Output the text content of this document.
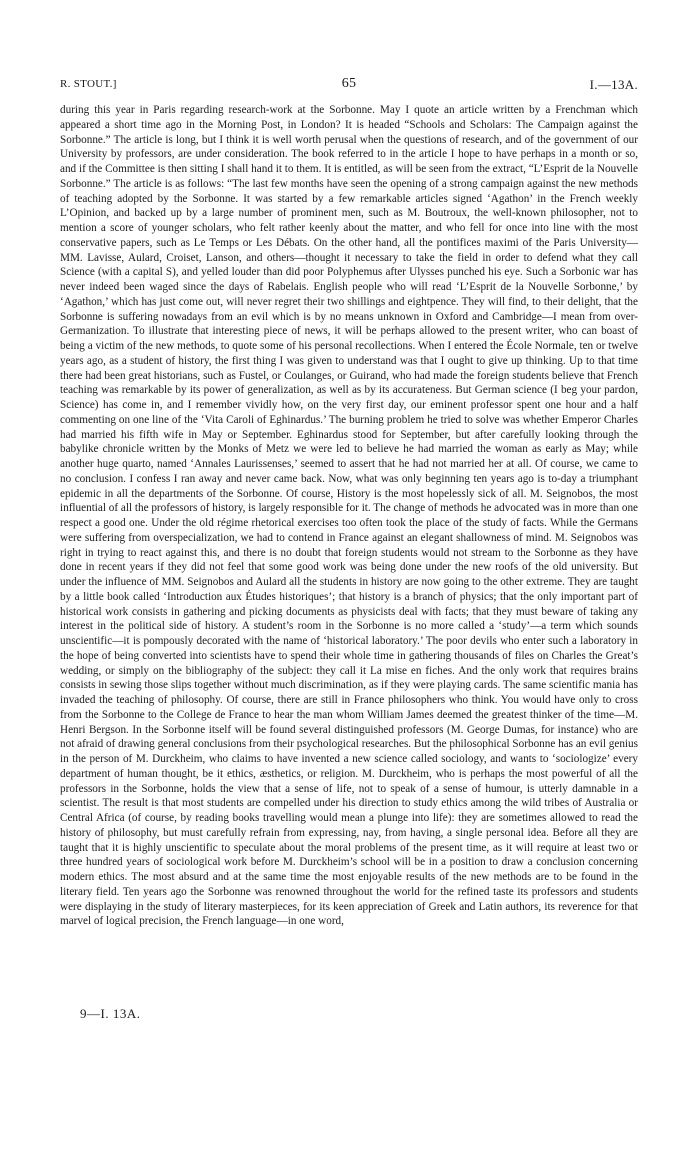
R. STOUT.]	65	I.—13A.

during this year in Paris regarding research-work at the Sorbonne. May I quote an article written by a Frenchman which appeared a short time ago in the Morning Post, in London? It is headed “Schools and Scholars: The Campaign against the Sorbonne.” The article is long, but I think it is well worth perusal when the questions of research, and of the government of our University by professors, are under consideration. The book referred to in the article I hope to have perhaps in a month or so, and if the Committee is then sitting I shall hand it to them. It is entitled, as will be seen from the extract, “L’Esprit de la Nouvelle Sorbonne.” The article is as follows: “The last few months have seen the opening of a strong campaign against the new methods of teaching adopted by the Sorbonne. It was started by a few remarkable articles signed ‘Agathon’ in the French weekly L’Opinion, and backed up by a large number of prominent men, such as M. Boutroux, the well-known philosopher, not to mention a score of younger scholars, who felt rather keenly about the matter, and who fell for once into line with the most conservative papers, such as Le Temps or Les Débats. On the other hand, all the pontifices maximi of the Paris University—MM. Lavisse, Aulard, Croiset, Lanson, and others—thought it necessary to take the field in order to defend what they call Science (with a capital S), and yelled louder than did poor Polyphemus after Ulysses punched his eye. Such a Sorbonic war has never indeed been waged since the days of Rabelais. English people who will read ‘L’Esprit de la Nouvelle Sorbonne,’ by ‘Agathon,’ which has just come out, will never regret their two shillings and eightpence. They will find, to their delight, that the Sorbonne is suffering nowadays from an evil which is by no means unknown in Oxford and Cambridge—I mean from over-Germanization. To illustrate that interesting piece of news, it will be perhaps allowed to the present writer, who can boast of being a victim of the new methods, to quote some of his personal recollections. When I entered the École Normale, ten or twelve years ago, as a student of history, the first thing I was given to understand was that I ought to give up thinking. Up to that time there had been great historians, such as Fustel, or Coulanges, or Guirand, who had made the foreign students believe that French teaching was remarkable by its power of generalization, as well as by its accurateness. But German science (I beg your pardon, Science) has come in, and I remember vividly how, on the very first day, our eminent professor spent one hour and a half commenting on one line of the ‘Vita Caroli of Eghinardus.’ The burning problem he tried to solve was whether Emperor Charles had married his fifth wife in May or September. Eghinardus stood for September, but after carefully looking through the babylike chronicle written by the Monks of Metz we were led to believe he had married the woman as early as May; while another huge quarto, named ‘Annales Laurissenses,’ seemed to assert that he had not married her at all. Of course, we came to no conclusion. I confess I ran away and never came back. Now, what was only beginning ten years ago is to-day a triumphant epidemic in all the departments of the Sorbonne. Of course, History is the most hopelessly sick of all. M. Seignobos, the most influential of all the professors of history, is largely responsible for it. The change of methods he advocated was in more than one respect a good one. Under the old régime rhetorical exercises too often took the place of the study of facts. While the Germans were suffering from overspecialization, we had to contend in France against an elegant shallowness of mind. M. Seignobos was right in trying to react against this, and there is no doubt that foreign students would not stream to the Sorbonne as they have done in recent years if they did not feel that some good work was being done under the new roofs of the old university. But under the influence of MM. Seignobos and Aulard all the students in history are now going to the other extreme. They are taught by a little book called ‘Introduction aux Études historiques’; that history is a branch of physics; that the only important part of historical work consists in gathering and picking documents as physicists deal with facts; that they must beware of taking any interest in the political side of history. A student’s room in the Sorbonne is no more called a ‘study’—a term which sounds unscientific—it is pompously decorated with the name of ‘historical laboratory.’ The poor devils who enter such a laboratory in the hope of being converted into scientists have to spend their whole time in gathering thousands of files on Charles the Great’s wedding, or simply on the bibliography of the subject: they call it La mise en fiches. And the only work that requires brains consists in sewing those slips together without much discrimination, as if they were playing cards. The same scientific mania has invaded the teaching of philosophy. Of course, there are still in France philosophers who think. You would have only to cross from the Sorbonne to the College de France to hear the man whom William James deemed the greatest thinker of the time—M. Henri Bergson. In the Sorbonne itself will be found several distinguished professors (M. George Dumas, for instance) who are not afraid of drawing general conclusions from their psychological researches. But the philosophical Sorbonne has an evil genius in the person of M. Durckheim, who claims to have invented a new science called sociology, and wants to ‘sociologize’ every department of human thought, be it ethics, æsthetics, or religion. M. Durckheim, who is perhaps the most powerful of all the professors in the Sorbonne, holds the view that a sense of life, not to speak of a sense of humour, is utterly damnable in a scientist. The result is that most students are compelled under his direction to study ethics among the wild tribes of Australia or Central Africa (of course, by reading books travelling would mean a plunge into life): they are sometimes allowed to read the history of philosophy, but must carefully refrain from expressing, nay, from having, a single personal idea. Before all they are taught that it is highly unscientific to speculate about the moral problems of the present time, as it will require at least two or three hundred years of sociological work before M. Durckheim’s school will be in a position to draw a conclusion concerning modern ethics. The most absurd and at the same time the most enjoyable results of the new methods are to be found in the literary field. Ten years ago the Sorbonne was renowned throughout the world for the refined taste its professors and students were displaying in the study of literary masterpieces, for its keen appreciation of Greek and Latin authors, its reverence for that marvel of logical precision, the French language—in one word,

9—I. 13A.
